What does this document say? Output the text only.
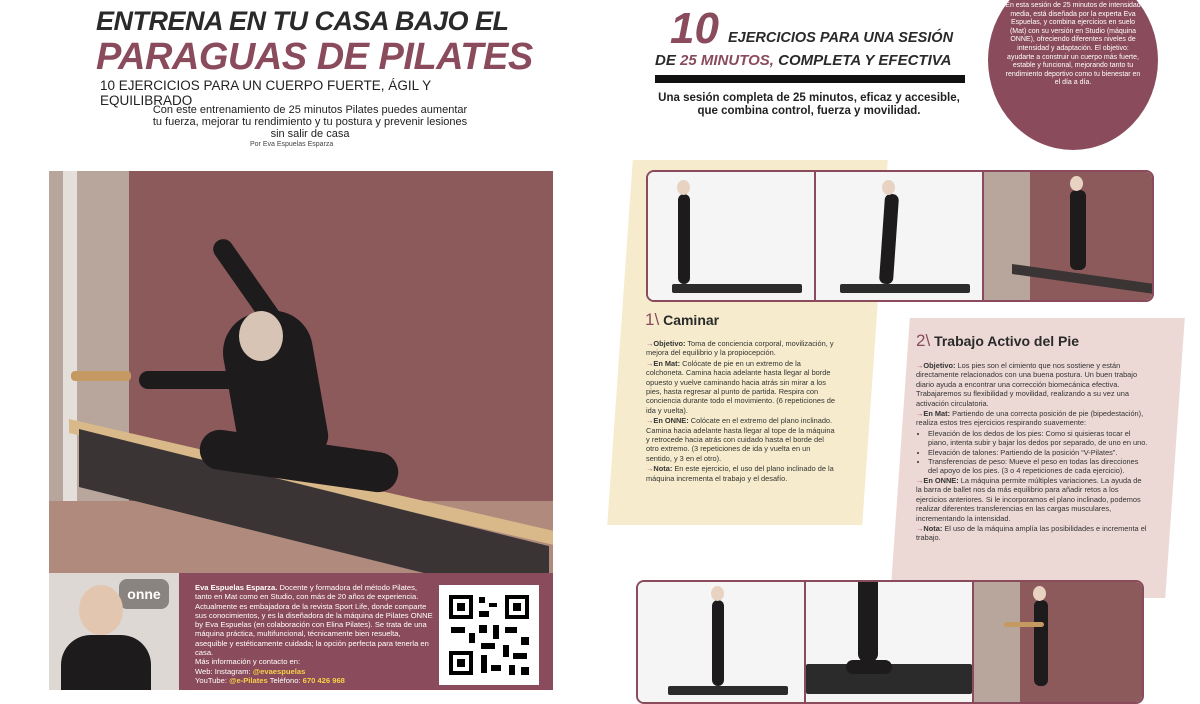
ENTRENA EN TU CASA BAJO EL
PARAGUAS DE PILATES
10 EJERCICIOS PARA UN CUERPO FUERTE, ÁGIL Y EQUILIBRADO
Con este entrenamiento de 25 minutos Pilates puedes aumentar tu fuerza, mejorar tu rendimiento y tu postura y prevenir lesiones sin salir de casa
Por Eva Espuelas Esparza
onne	Eva Espuelas Esparza. Docente y formadora del método Pilates, tanto en Mat como en Studio, con más de 20 años de experiencia. Actualmente es embajadora de la revista Sport Life, donde comparte sus conocimientos, y es la diseñadora de la máquina de Pilates ONNE by Eva Espuelas (en colaboración con Elina Pilates). Se trata de una máquina práctica, multifuncional, técnicamente bien resuelta, asequible y estéticamente cuidada; la opción perfecta para tenerla en casa.
Más información y contacto en:
Web: Instagram: @evaespuelas
YouTube: @e-Pilates Teléfono: 670 426 968
10 EJERCICIOS PARA UNA SESIÓN
DE 25 MINUTOS, COMPLETA Y EFECTIVA
Una sesión completa de 25 minutos, eficaz y accesible, que combina control, fuerza y movilidad.
En esta sesión de 25 minutos de intensidad media, está diseñada por la experta Eva Espuelas, y combina ejercicios en suelo (Mat) con su versión en Studio (máquina ONNE), ofreciendo diferentes niveles de intensidad y adaptación. El objetivo: ayudarte a construir un cuerpo más fuerte, estable y funcional, mejorando tanto tu rendimiento deportivo como tu bienestar en el día a día.
1\ Caminar

→Objetivo: Toma de conciencia corporal, movilización, y mejora del equilibrio y la propiocepción.

→En Mat: Colócate de pie en un extremo de la colchoneta. Camina hacia adelante hasta llegar al borde opuesto y vuelve caminando hacia atrás sin mirar a los pies, hasta regresar al punto de partida. Respira con conciencia durante todo el movimiento. (6 repeticiones de ida y vuelta).

→En ONNE: Colócate en el extremo del plano inclinado. Camina hacia adelante hasta llegar al tope de la máquina y retrocede hacia atrás con cuidado hasta el borde del otro extremo. (3 repeticiones de ida y vuelta en un sentido, y 3 en el otro).

→Nota: En este ejercicio, el uso del plano inclinado de la máquina incrementa el trabajo y el desafío.

2\ Trabajo Activo del Pie

→Objetivo: Los pies son el cimiento que nos sostiene y están directamente relacionados con una buena postura. Un buen trabajo diario ayuda a encontrar una corrección biomecánica efectiva. Trabajaremos su flexibilidad y movilidad, realizando a su vez una activación circulatoria.

→En Mat: Partiendo de una correcta posición de pie (bipedestación), realiza estos tres ejercicios respirando suavemente:

• Elevación de los dedos de los pies: Como si quisieras tocar el piano, intenta subir y bajar los dedos por separado, de uno en uno.
• Elevación de talones: Partiendo de la posición “V-Pilates”.
• Transferencias de peso: Mueve el peso en todas las direcciones del apoyo de los pies. (3 o 4 repeticiones de cada ejercicio).

→En ONNE: La máquina permite múltiples variaciones. La ayuda de la barra de ballet nos da más equilibrio para añadir retos a los ejercicios anteriores. Si le incorporamos el plano inclinado, podemos realizar diferentes transferencias en las cargas musculares, incrementando la intensidad.

→Nota: El uso de la máquina amplía las posibilidades e incrementa el trabajo.
